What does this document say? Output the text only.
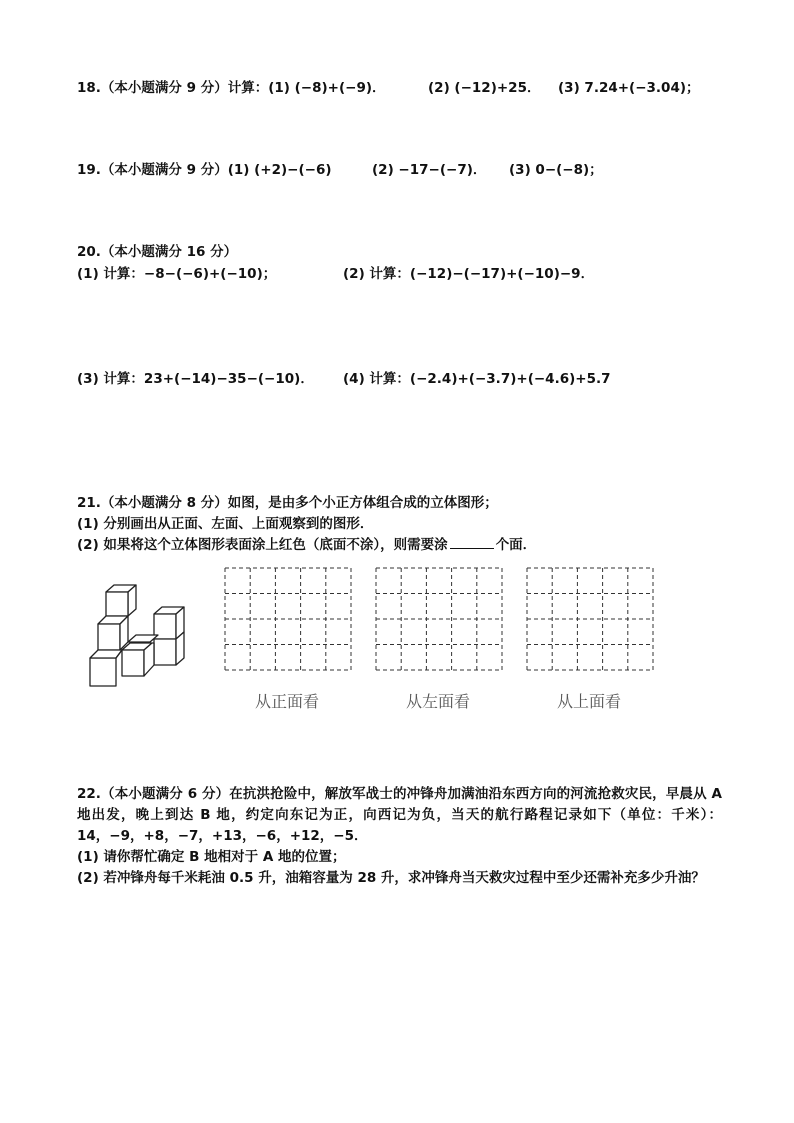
18.（本小题满分 9 分）计算：(1) (−8)+(−9)．	(2) (−12)+25． (3) 7.24+(−3.04)；
19.（本小题满分 9 分）(1) (+2)−(−6)	(2) −17−(−7)． (3) 0−(−8)；
20.（本小题满分 16 分）
(1) 计算：−8−(−6)+(−10)；	(2) 计算：(−12)−(−17)+(−10)−9．
(3) 计算：23+(−14)−35−(−10)． (4) 计算：(−2.4)+(−3.7)+(−4.6)+5.7
21.（本小题满分 8 分）如图，是由多个小正方体组合成的立体图形；
(1) 分别画出从正面、左面、上面观察到的图形．
(2) 如果将这个立体图形表面涂上红色（底面不涂），则需要涂	个面．
从正面看	从左面看	从上面看
22.（本小题满分 6 分）在抗洪抢险中，解放军战士的冲锋舟加满油沿东西方向的河流抢救灾民，早晨从 A 地出发，晚上到达 B 地，约定向东记为正，向西记为负，当天的航行路程记录如下（单位：千米）：14，−9，+8，−7，+13，−6，+12，−5．
(1) 请你帮忙确定 B 地相对于 A 地的位置；
(2) 若冲锋舟每千米耗油 0.5 升，油箱容量为 28 升，求冲锋舟当天救灾过程中至少还需补充多少升油？
